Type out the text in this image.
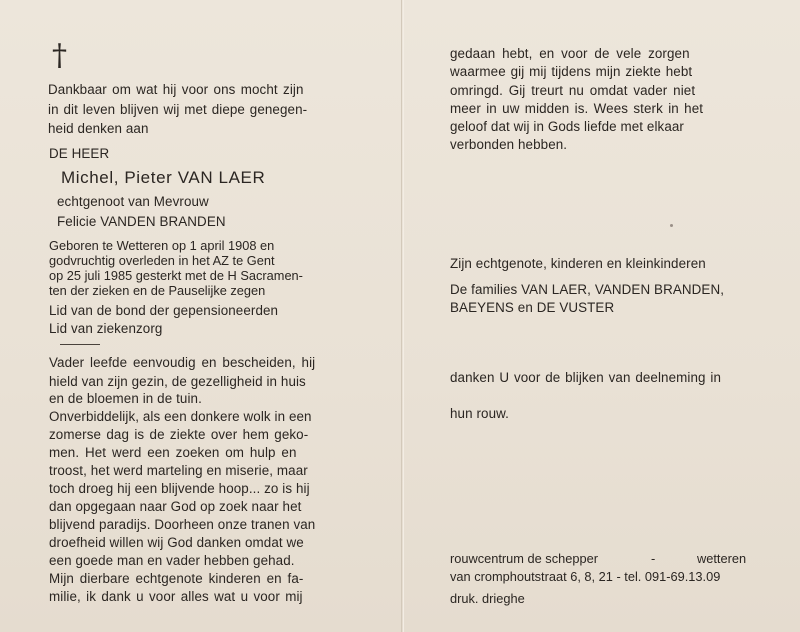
†
Dankbaar om wat hij voor ons mocht zijn
in dit leven blijven wij met diepe genegen-
heid denken aan
DE HEER
Michel, Pieter VAN LAER
echtgenoot van Mevrouw
Felicie VANDEN BRANDEN
Geboren te Wetteren op 1 april 1908 en
godvruchtig overleden in het AZ te Gent
op 25 juli 1985 gesterkt met de H Sacramen-
ten der zieken en de Pauselijke zegen
Lid van de bond der gepensioneerden
Lid van ziekenzorg
Vader leefde eenvoudig en bescheiden, hij
hield van zijn gezin, de gezelligheid in huis
en de bloemen in de tuin.
Onverbiddelijk, als een donkere wolk in een
zomerse dag is de ziekte over hem geko-
men. Het werd een zoeken om hulp en
troost, het werd marteling en miserie, maar
toch droeg hij een blijvende hoop... zo is hij
dan opgegaan naar God op zoek naar het
blijvend paradijs. Doorheen onze tranen van
droefheid willen wij God danken omdat we
een goede man en vader hebben gehad.
Mijn dierbare echtgenote kinderen en fa-
milie, ik dank u voor alles wat u voor mij
gedaan hebt, en voor de vele zorgen
waarmee gij mij tijdens mijn ziekte hebt
omringd. Gij treurt nu omdat vader niet
meer in uw midden is. Wees sterk in het
geloof dat wij in Gods liefde met elkaar
verbonden hebben.
Zijn echtgenote, kinderen en kleinkinderen
De families VAN LAER, VANDEN BRANDEN,
BAEYENS en DE VUSTER
danken U voor de blijken van deelneming in
hun rouw.
rouwcentrum de schepper	-	wetteren
van cromphoutstraat 6, 8, 21 - tel. 091-69.13.09
druk. drieghe
